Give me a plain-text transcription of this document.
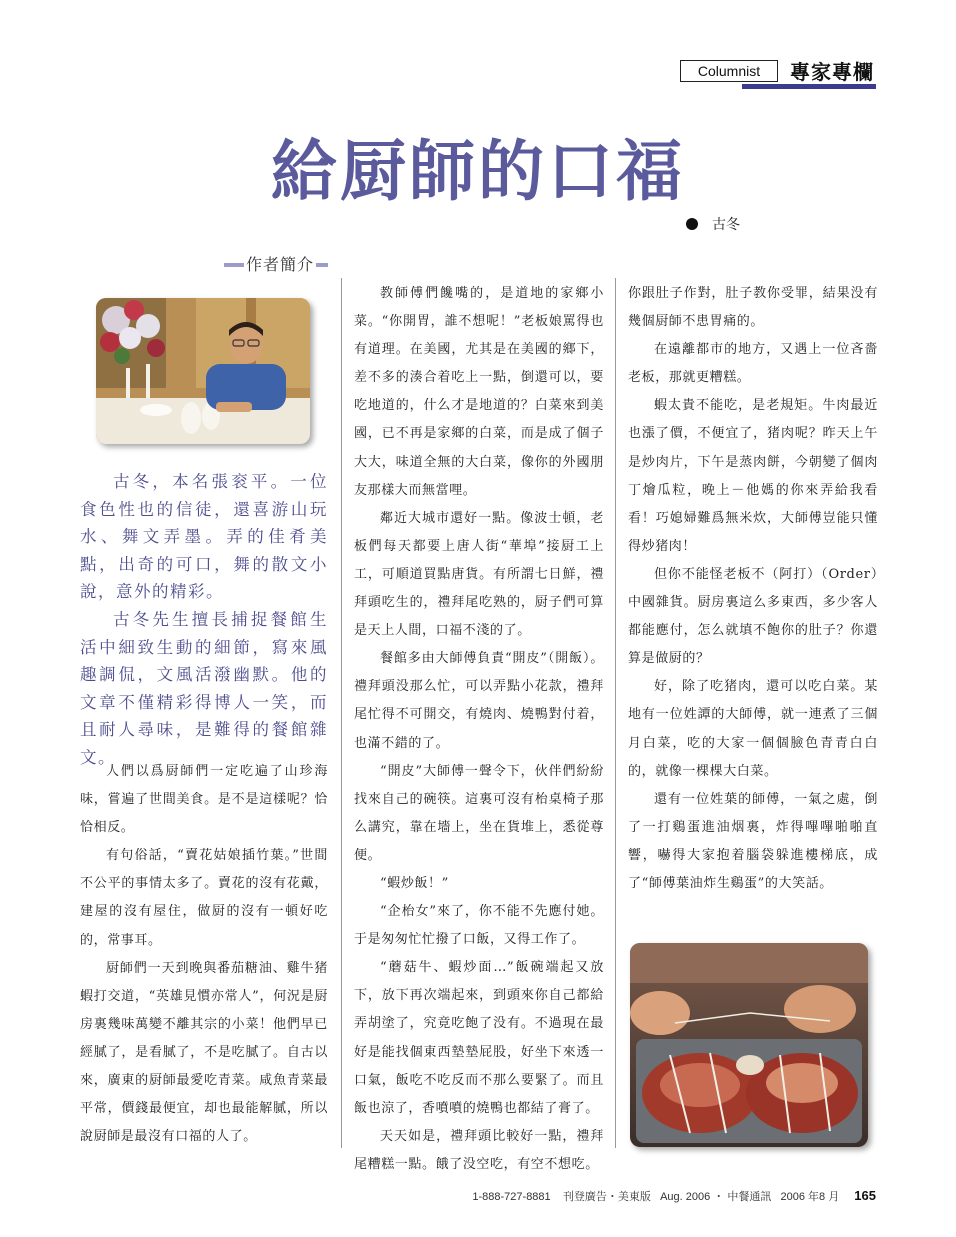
Columnist	專家專欄
給厨師的口福
古冬
作者簡介

古冬，本名張衮平。一位食色性也的信徒，還喜游山玩水、舞文弄墨。弄的佳肴美點，出奇的可口，舞的散文小說，意外的精彩。

古冬先生擅長捕捉餐館生活中細致生動的細節，寫來風趣調侃，文風活潑幽默。他的文章不僅精彩得博人一笑，而且耐人尋味，是難得的餐館雜文。

人們以爲厨師們一定吃遍了山珍海味，嘗遍了世間美食。是不是這樣呢？恰恰相反。

有句俗話，“賣花姑娘插竹葉。”世間不公平的事情太多了。賣花的沒有花戴，建屋的沒有屋住，做厨的沒有一頓好吃的，常事耳。

厨師們一天到晚與番茄糖油、雞牛猪蝦打交道，“英雄見慣亦常人”，何況是厨房裏幾味萬變不離其宗的小菜！他們早已經膩了，是看膩了，不是吃膩了。自古以來，廣東的厨師最愛吃青菜。咸魚青菜最平常，價錢最便宜，却也最能解膩，所以說厨師是最沒有口福的人了。

教師傅們饞嘴的，是道地的家鄉小菜。“你開胃，誰不想呢！”老板娘罵得也有道理。在美國，尤其是在美國的鄉下，差不多的湊合着吃上一點，倒還可以，要吃地道的，什么才是地道的？白菜來到美國，已不再是家鄉的白菜，而是成了個子大大，味道全無的大白菜，像你的外國朋友那樣大而無當哩。

鄰近大城市還好一點。像波士頓，老板們每天都要上唐人街“華埠”接厨工上工，可順道買點唐貨。有所謂七日鮮，禮拜頭吃生的，禮拜尾吃熟的，厨子們可算是天上人間，口福不淺的了。

餐館多由大師傅負責“開皮”（開飯）。禮拜頭没那么忙，可以弄點小花款，禮拜尾忙得不可開交，有燒肉、燒鴨對付着，也滿不錯的了。

“開皮”大師傅一聲令下，伙伴們紛紛找來自己的碗筷。這裏可沒有枱桌椅子那么講究，靠在墻上，坐在貨堆上，悉從尊便。

“蝦炒飯！”

“企枱女”來了，你不能不先應付她。于是匆匆忙忙撥了口飯，又得工作了。

“蘑菇牛、蝦炒面…”飯碗端起又放下，放下再次端起來，到頭來你自己都給弄胡塗了，究竟吃飽了没有。不過現在最好是能找個東西墊墊屁股，好坐下來透一口氣，飯吃不吃反而不那么要緊了。而且飯也涼了，香噴噴的燒鴨也都結了膏了。

天天如是，禮拜頭比較好一點，禮拜尾糟糕一點。餓了没空吃，有空不想吃。

你跟肚子作對，肚子教你受罪，結果没有幾個厨師不患胃痛的。

在遠離都市的地方，又遇上一位吝嗇老板，那就更糟糕。

蝦太貴不能吃，是老規矩。牛肉最近也漲了價，不便宜了，猪肉呢？昨天上午是炒肉片，下午是蒸肉餅，今朝變了個肉丁燴瓜粒，晚上－他媽的你來弄給我看看！巧媳婦難爲無米炊，大師傅豈能只懂得炒猪肉！

但你不能怪老板不（阿打）（Order）中國雜貨。厨房裏這么多東西，多少客人都能應付，怎么就填不飽你的肚子？你還算是做厨的？

好，除了吃猪肉，還可以吃白菜。某地有一位姓譚的大師傅，就一連煮了三個月白菜，吃的大家一個個臉色青青白白的，就像一棵棵大白菜。

還有一位姓葉的師傅，一氣之處，倒了一打鷄蛋進油烟裏，炸得嗶嗶啪啪直響，嚇得大家抱着腦袋躲進樓梯底，成了“師傅葉油炸生鷄蛋”的大笑話。

1-888-727-8881 刊登廣告・美東版 Aug. 2006 ・ 中餐通訊 2006 年8 月 165
